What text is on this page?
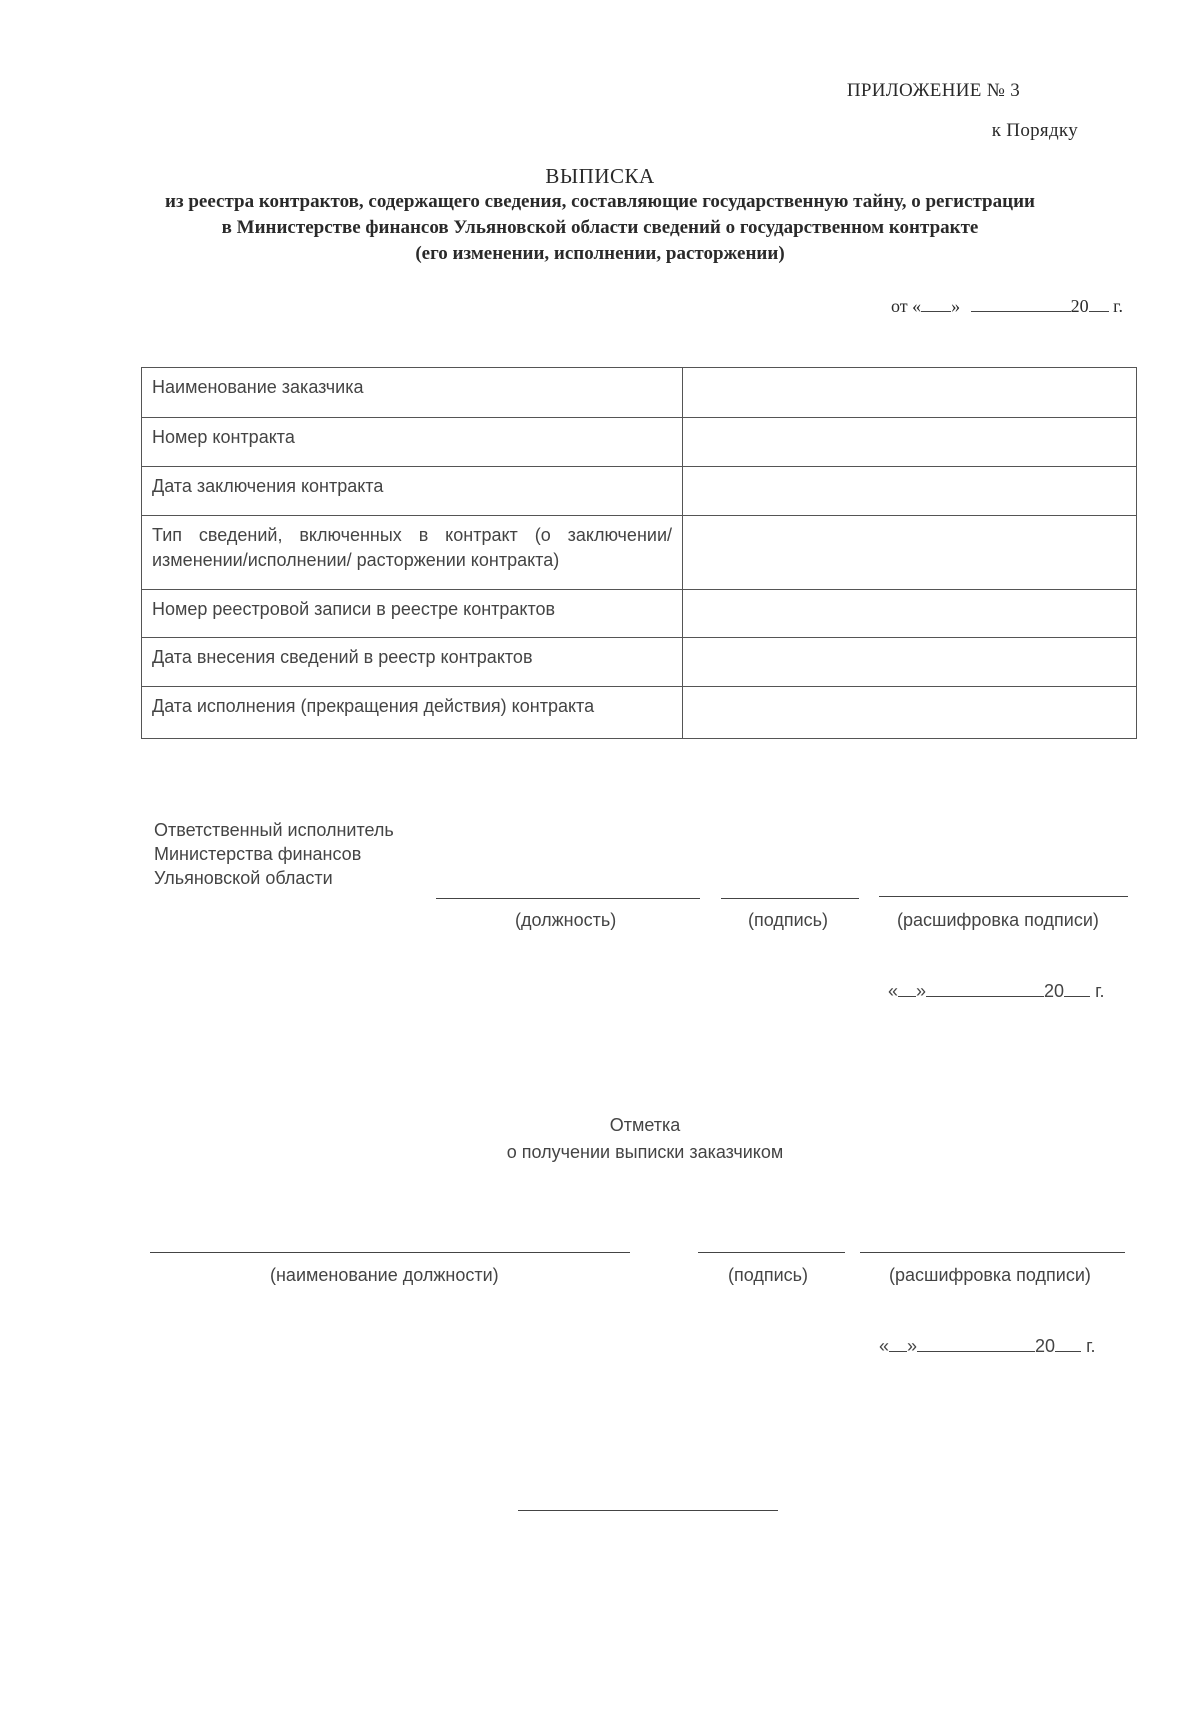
ПРИЛОЖЕНИЕ № 3
к Порядку
ВЫПИСКА
из реестра контрактов, содержащего сведения, составляющие государственную тайну, о регистрации
в Министерстве финансов Ульяновской области сведений о государственном контракте
(его изменении, исполнении, расторжении)
от « »	20 г.
Наименование заказчика	
Номер контракта	
Дата заключения контракта	

Тип сведений, включенных в контракт (о заключении/
изменении/исполнении/ расторжении контракта)	

Номер реестровой записи в реестре контрактов	
Дата внесения сведений в реестр контрактов	
Дата исполнения (прекращения действия) контракта	
Ответственный исполнитель
Министерства финансов
Ульяновской области
(должность)	(подпись)	(расшифровка подписи)
« »	20 г.
Отметка
о получении выписки заказчиком
(наименование должности)	(подпись)	(расшифровка подписи)
« »	20 г.
